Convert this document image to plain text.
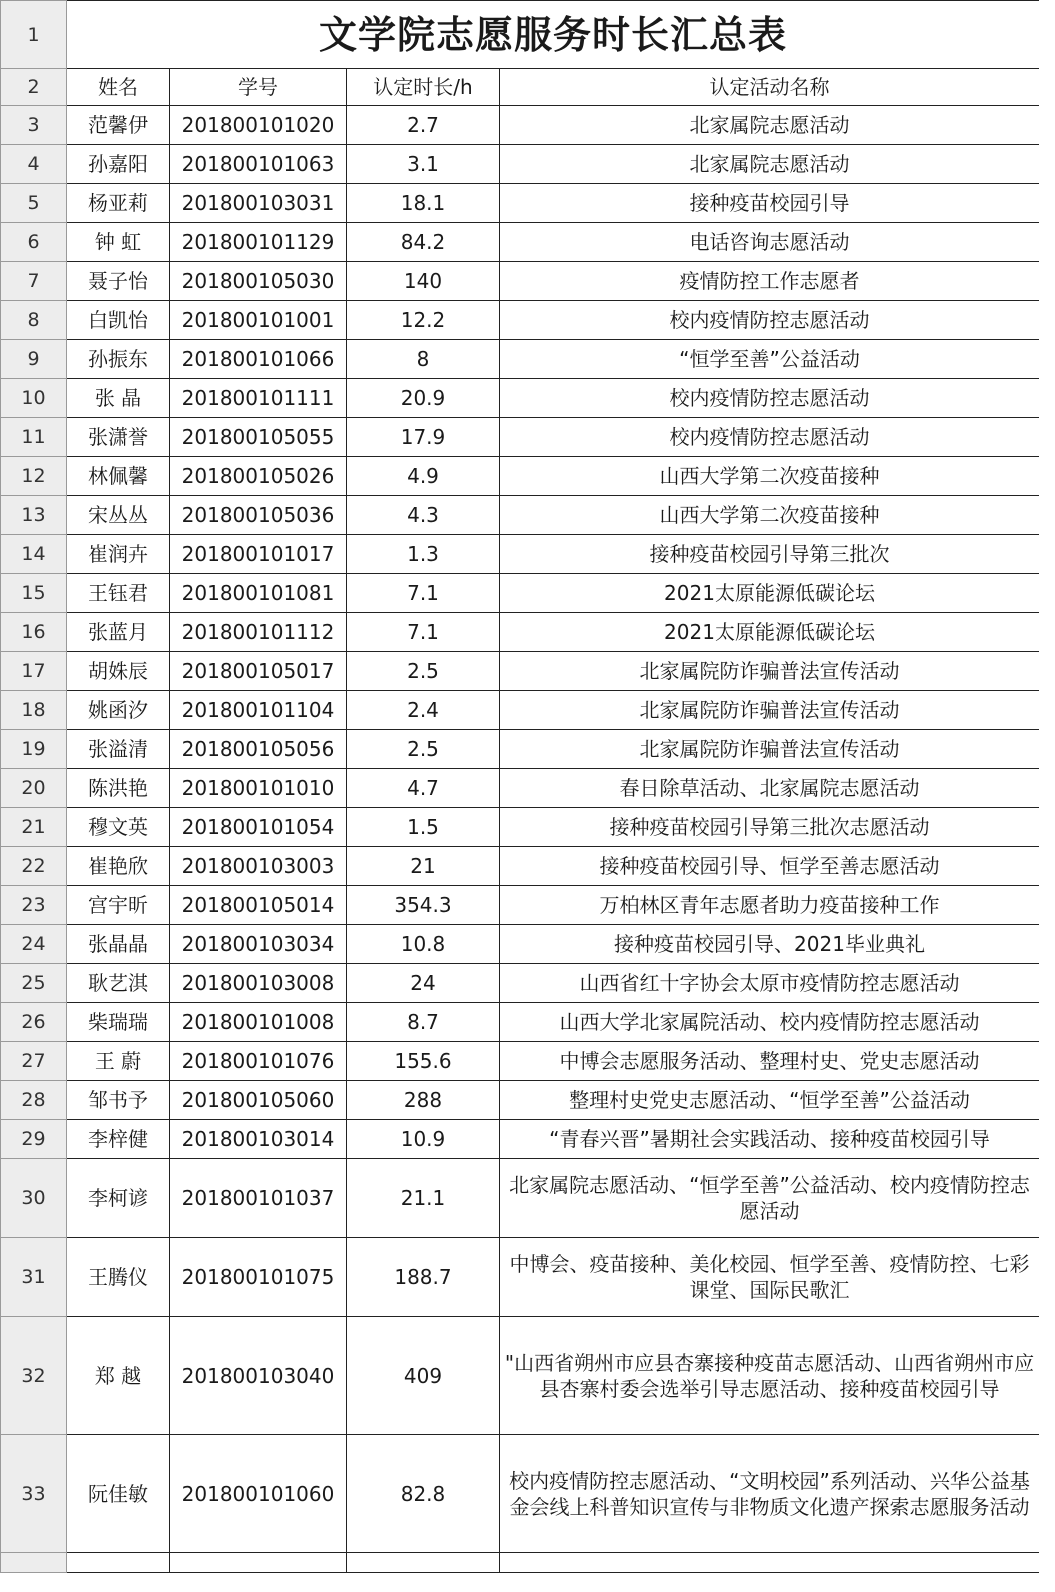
1	文学院志愿服务时长汇总表			
2	姓名	学号	认定时长/h	认定活动名称
3	范馨伊	201800101020	2.7	北家属院志愿活动
4	孙嘉阳	201800101063	3.1	北家属院志愿活动
5	杨亚莉	201800103031	18.1	接种疫苗校园引导
6	钟 虹	201800101129	84.2	电话咨询志愿活动
7	聂子怡	201800105030	140	疫情防控工作志愿者
8	白凯怡	201800101001	12.2	校内疫情防控志愿活动
9	孙振东	201800101066	8	“恒学至善”公益活动
10	张 晶	201800101111	20.9	校内疫情防控志愿活动
11	张潇誉	201800105055	17.9	校内疫情防控志愿活动
12	林佩馨	201800105026	4.9	山西大学第二次疫苗接种
13	宋丛丛	201800105036	4.3	山西大学第二次疫苗接种
14	崔润卉	201800101017	1.3	接种疫苗校园引导第三批次
15	王钰君	201800101081	7.1	2021太原能源低碳论坛
16	张蓝月	201800101112	7.1	2021太原能源低碳论坛
17	胡姝辰	201800105017	2.5	北家属院防诈骗普法宣传活动
18	姚函汐	201800101104	2.4	北家属院防诈骗普法宣传活动
19	张溢清	201800105056	2.5	北家属院防诈骗普法宣传活动
20	陈洪艳	201800101010	4.7	春日除草活动、北家属院志愿活动
21	穆文英	201800101054	1.5	接种疫苗校园引导第三批次志愿活动
22	崔艳欣	201800103003	21	接种疫苗校园引导、恒学至善志愿活动
23	宫宇昕	201800105014	354.3	万柏林区青年志愿者助力疫苗接种工作
24	张晶晶	201800103034	10.8	接种疫苗校园引导、2021毕业典礼
25	耿艺淇	201800103008	24	山西省红十字协会太原市疫情防控志愿活动
26	柴瑞瑞	201800101008	8.7	山西大学北家属院活动、校内疫情防控志愿活动
27	王 蔚	201800101076	155.6	中博会志愿服务活动、整理村史、党史志愿活动
28	邹书予	201800105060	288	整理村史党史志愿活动、“恒学至善”公益活动
29	李梓健	201800103014	10.9	“青春兴晋”暑期社会实践活动、接种疫苗校园引导
30	李柯谚	201800101037	21.1	北家属院志愿活动、“恒学至善”公益活动、校内疫情防控志愿活动
31	王腾仪	201800101075	188.7	中博会、疫苗接种、美化校园、恒学至善、疫情防控、七彩课堂、国际民歌汇
32	郑 越	201800103040	409	"山西省朔州市应县杏寨接种疫苗志愿活动、山西省朔州市应县杏寨村委会选举引导志愿活动、接种疫苗校园引导
33	阮佳敏	201800101060	82.8	校内疫情防控志愿活动、“文明校园”系列活动、兴华公益基金会线上科普知识宣传与非物质文化遗产探索志愿服务活动
